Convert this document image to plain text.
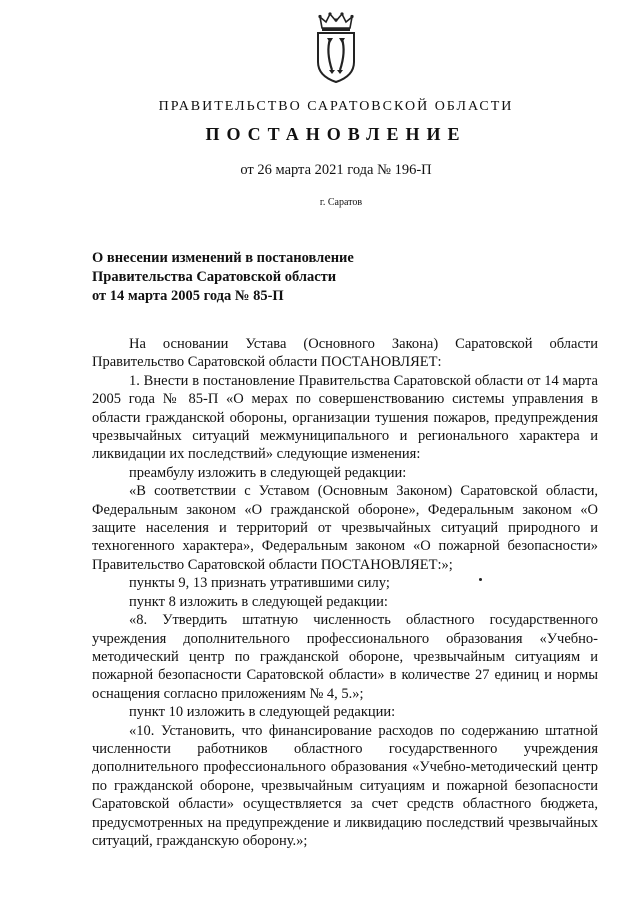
ПРАВИТЕЛЬСТВО САРАТОВСКОЙ ОБЛАСТИ
ПОСТАНОВЛЕНИЕ
от 26 марта 2021 года № 196-П
г. Саратов
О внесении изменений в постановление
Правительства Саратовской области
от 14 марта 2005 года № 85-П

На основании Устава (Основного Закона) Саратовской области Правительство Саратовской области ПОСТАНОВЛЯЕТ:

1. Внести в постановление Правительства Саратовской области от 14 марта 2005 года № 85-П «О мерах по совершенствованию системы управления в области гражданской обороны, организации тушения пожаров, предупреждения чрезвычайных ситуаций межмуниципального и регионального характера и ликвидации их последствий» следующие изменения:

преамбулу изложить в следующей редакции:

«В соответствии с Уставом (Основным Законом) Саратовской области, Федеральным законом «О гражданской обороне», Федеральным законом «О защите населения и территорий от чрезвычайных ситуаций природного и техногенного характера», Федеральным законом «О пожарной безопасности» Правительство Саратовской области ПОСТАНОВЛЯЕТ:»;

пункты 9, 13 признать утратившими силу;

пункт 8 изложить в следующей редакции:

«8. Утвердить штатную численность областного государственного учреждения дополнительного профессионального образования «Учебно-методический центр по гражданской обороне, чрезвычайным ситуациям и пожарной безопасности Саратовской области» в количестве 27 единиц и нормы оснащения согласно приложениям № 4, 5.»;

пункт 10 изложить в следующей редакции:

«10. Установить, что финансирование расходов по содержанию штатной численности работников областного государственного учреждения дополнительного профессионального образования «Учебно-методический центр по гражданской обороне, чрезвычайным ситуациям и пожарной безопасности Саратовской области» осуществляется за счет средств областного бюджета, предусмотренных на предупреждение и ликвидацию последствий чрезвычайных ситуаций, гражданскую оборону.»;
